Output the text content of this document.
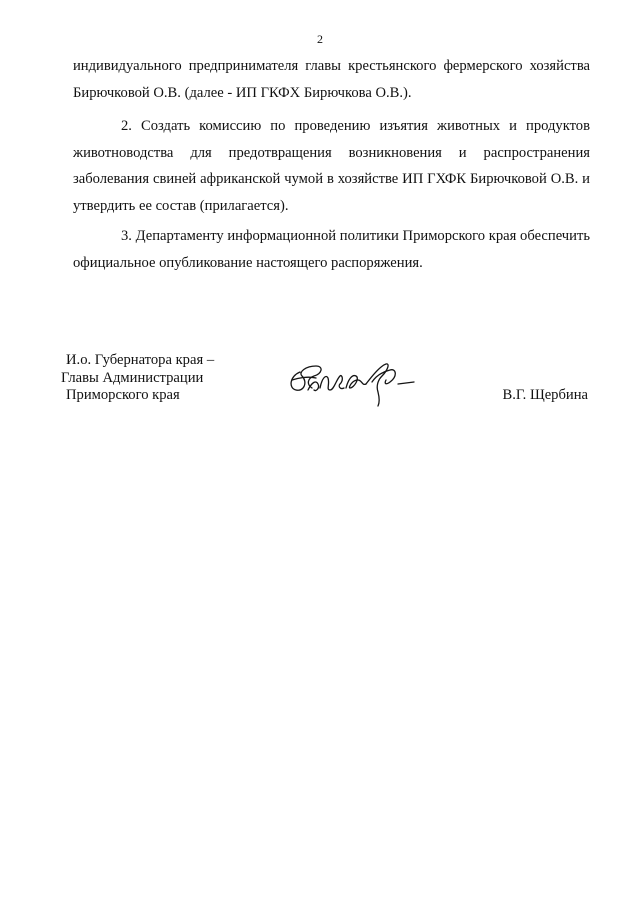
2

индивидуального предпринимателя главы крестьянского фермерского хозяйства Бирючковой О.В. (далее - ИП ГКФХ Бирючкова О.В.).

2. Создать комиссию по проведению изъятия животных и продуктов животноводства для предотвращения возникновения и распространения заболевания свиней африканской чумой в хозяйстве ИП ГХФК Бирючковой О.В. и утвердить ее состав (прилагается).

3. Департаменту информационной политики Приморского края обеспечить официальное опубликование настоящего распоряжения.

И.о. Губернатора края –
Главы Администрации
Приморского края	В.Г. Щербина
